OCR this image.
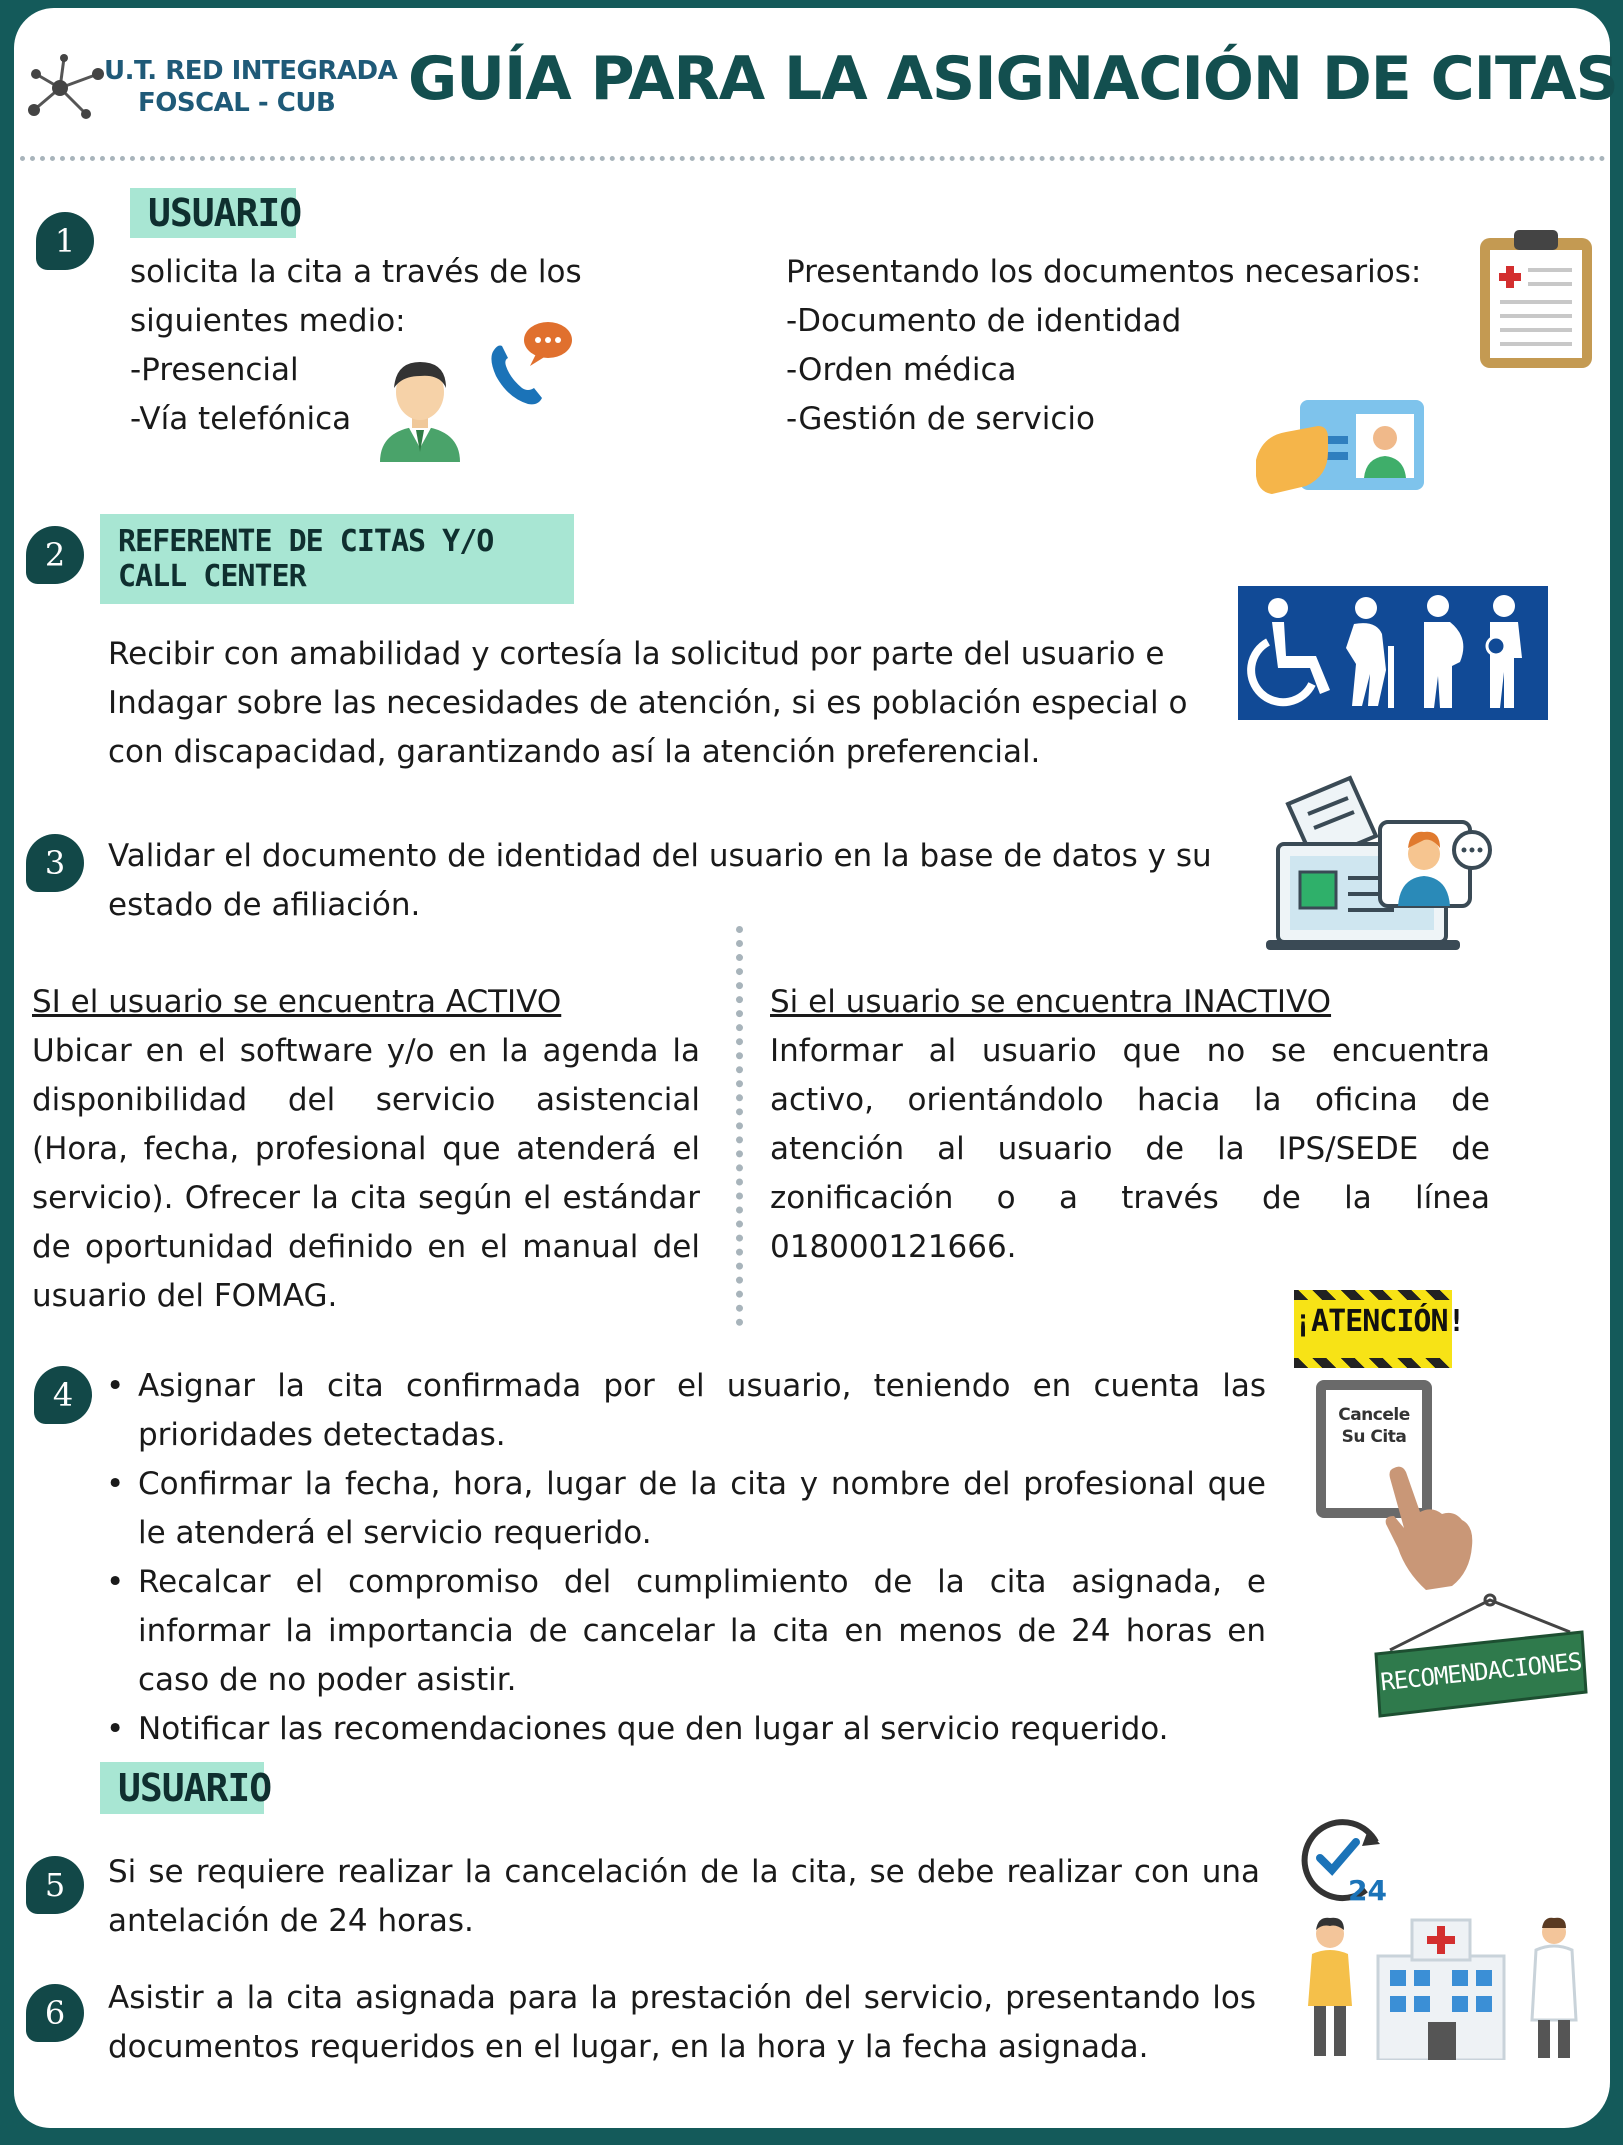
U.T. RED INTEGRADA
FOSCAL - CUB GUÍA PARA LA ASIGNACIÓN DE CITAS
1
USUARIO
solicita la cita a través de los
siguientes medio:
-Presencial
-Vía telefónica
Presentando los documentos necesarios:
-Documento de identidad
-Orden médica
-Gestión de servicio
2	REFERENTE DE CITAS Y/O CALL CENTER
Recibir con amabilidad y cortesía la solicitud por parte del usuario e Indagar sobre las necesidades de atención, si es población especial o con discapacidad, garantizando así la atención preferencial.
3	Validar el documento de identidad del usuario en la base de datos y su estado de afiliación.
SI el usuario se encuentra ACTIVO
Ubicar en el software y/o en la agenda la disponibilidad del servicio asistencial (Hora, fecha, profesional que atenderá el servicio). Ofrecer la cita según el estándar de oportunidad definido en el manual del usuario del FOMAG.
Si el usuario se encuentra INACTIVO
Informar al usuario que no se encuentra activo, orientándolo hacia la oficina de atención al usuario de la IPS/SEDE de zonificación o a través de la línea 018000121666.
4
•	Asignar la cita confirmada por el usuario, teniendo en cuenta las prioridades detectadas.
• Confirmar la fecha, hora, lugar de la cita y nombre del profesional que le atenderá el servicio requerido.
• Recalcar el compromiso del cumplimiento de la cita asignada, e informar la importancia de cancelar la cita en menos de 24 horas en caso de no poder asistir.
• Notificar las recomendaciones que den lugar al servicio requerido.
¡ATENCIÓN!
Cancele Su Cita
RECOMENDACIONES
USUARIO
5	Si se requiere realizar la cancelación de la cita, se debe realizar con una antelación de 24 horas.
24
6	Asistir a la cita asignada para la prestación del servicio, presentando los documentos requeridos en el lugar, en la hora y la fecha asignada.
